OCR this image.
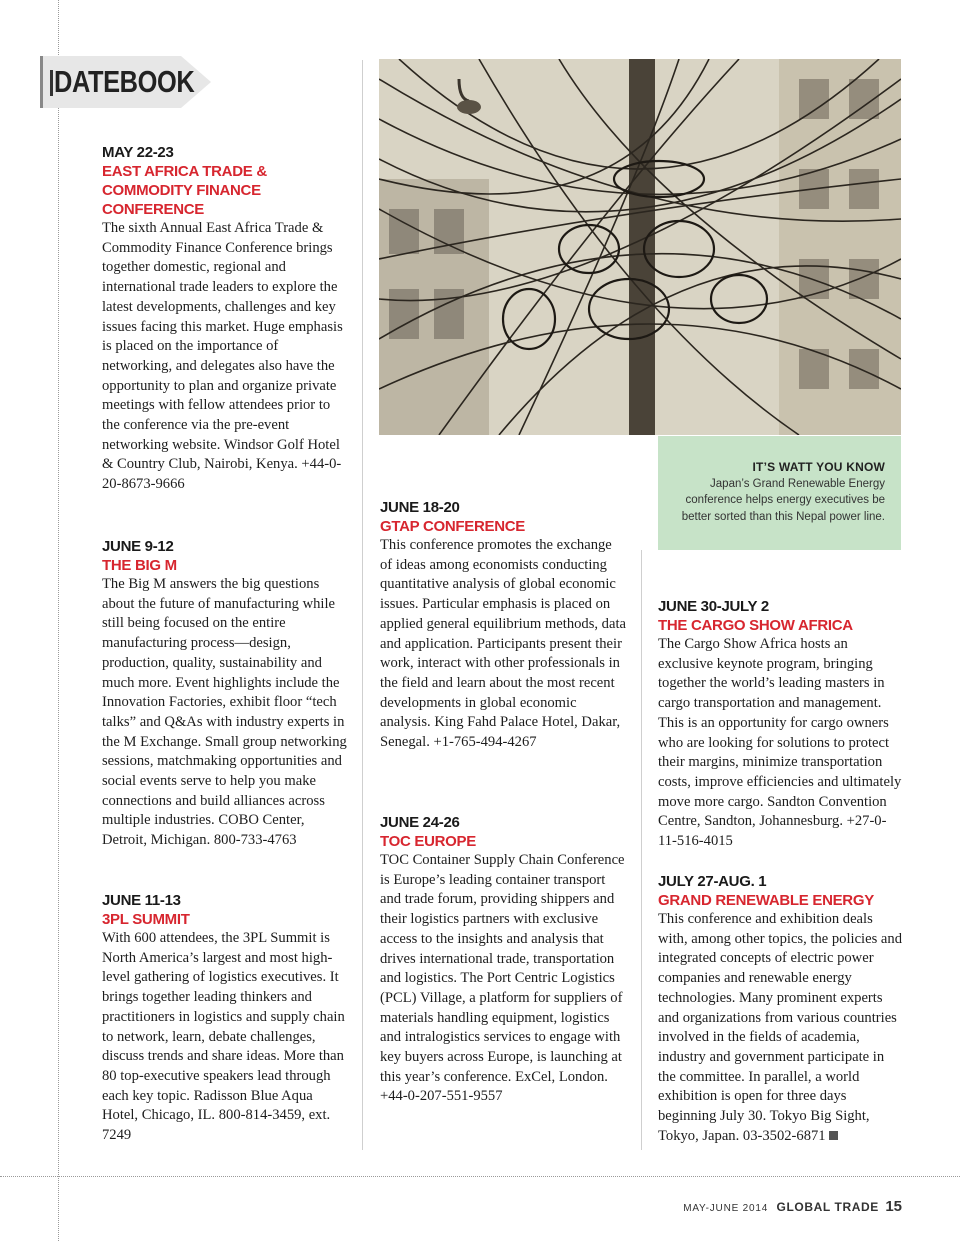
DATEBOOK
MAY 22-23
EAST AFRICA TRADE & COMMODITY FINANCE CONFERENCE
The sixth Annual East Africa Trade & Commodity Finance Conference brings together domestic, regional and international trade leaders to explore the latest developments, challenges and key issues facing this market. Huge emphasis is placed on the importance of networking, and delegates also have the opportunity to plan and organize private meetings with fellow attendees prior to the conference via the pre-event networking website. Windsor Golf Hotel & Country Club, Nairobi, Kenya. +44-0-20-8673-9666
JUNE 9-12
THE BIG M
The Big M answers the big questions about the future of manufacturing while still being focused on the entire manufacturing process—design, production, quality, sustainability and much more. Event highlights include the Innovation Factories, exhibit floor “tech talks” and Q&As with industry experts in the M Exchange. Small group networking sessions, matchmaking opportunities and social events serve to help you make connections and build alliances across multiple industries. COBO Center, Detroit, Michigan. 800-733-4763
JUNE 11-13
3PL SUMMIT
With 600 attendees, the 3PL Summit is North America’s largest and most high-level gathering of logistics executives. It brings together leading thinkers and practitioners in logistics and supply chain to network, learn, debate challenges, discuss trends and share ideas. More than 80 top-executive speakers lead through each key topic. Radisson Blue Aqua Hotel, Chicago, IL. 800-814-3459, ext. 7249
JUNE 18-20
GTAP CONFERENCE
This conference promotes the exchange of ideas among economists conducting quantitative analysis of global economic issues. Particular emphasis is placed on applied general equilibrium methods, data and application. Participants present their work, interact with other professionals in the field and learn about the most recent developments in global economic analysis. King Fahd Palace Hotel, Dakar, Senegal. +1-765-494-4267
JUNE 24-26
TOC EUROPE
TOC Container Supply Chain Conference is Europe’s leading container transport and trade forum, providing shippers and their logistics partners with exclusive access to the insights and analysis that drives international trade, transportation and logistics. The Port Centric Logistics (PCL) Village, a platform for suppliers of materials handling equipment, logistics and intralogistics services to engage with key buyers across Europe, is launching at this year’s conference. ExCel, London. +44-0-207-551-9557
IT’S WATT YOU KNOW
Japan’s Grand Renewable Energy conference helps energy executives be better sorted than this Nepal power line.
JUNE 30-JULY 2
THE CARGO SHOW AFRICA
The Cargo Show Africa hosts an exclusive keynote program, bringing together the world’s leading masters in cargo transportation and management. This is an opportunity for cargo owners who are looking for solutions to protect their margins, minimize transportation costs, improve efficiencies and ultimately move more cargo. Sandton Convention Centre, Sandton, Johannesburg. +27-0-11-516-4015
JULY 27-AUG. 1
GRAND RENEWABLE ENERGY
This conference and exhibition deals with, among other topics, the policies and integrated concepts of electric power companies and renewable energy technologies. Many prominent experts and organizations from various countries involved in the fields of academia, industry and government participate in the committee. In parallel, a world exhibition is open for three days beginning July 30. Tokyo Big Sight, Tokyo, Japan. 03-3502-6871
MAY-JUNE 2014 GLOBAL TRADE 15
